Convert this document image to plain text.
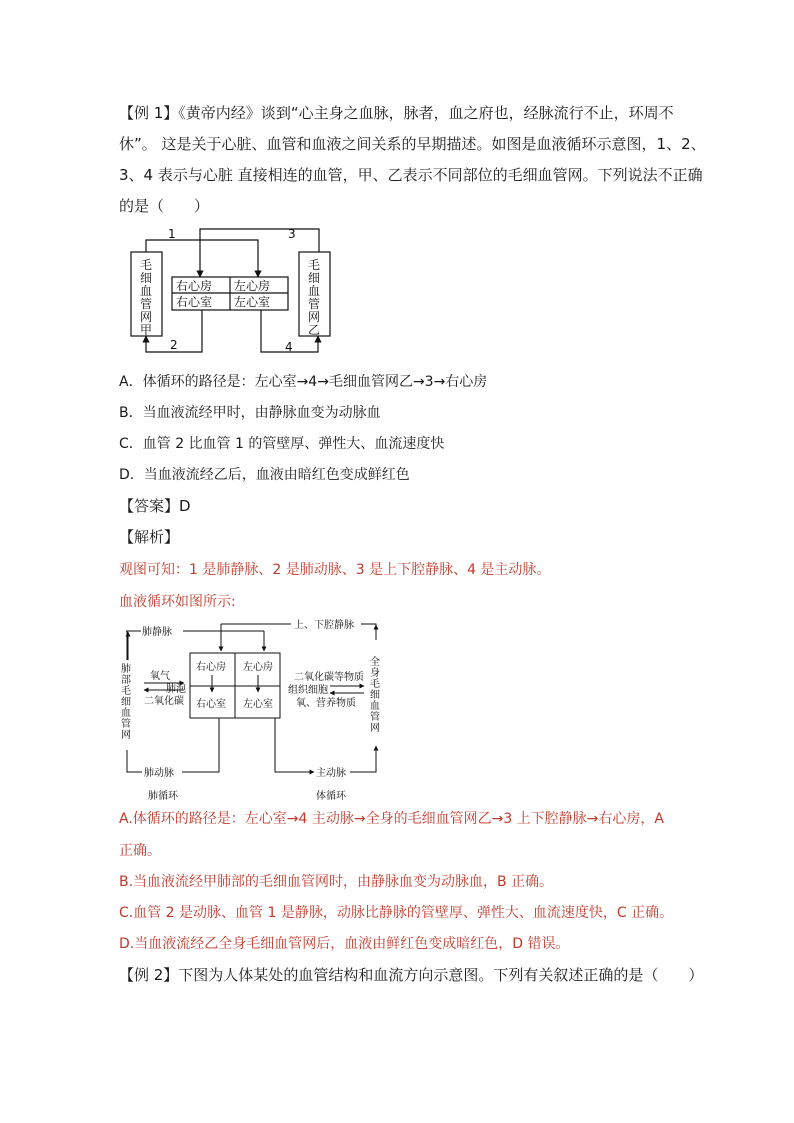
【例 1】《黄帝内经》谈到“心主身之血脉，脉者，血之府也，经脉流行不止，环周不
休”。 这是关于心脏、血管和血液之间关系的早期描述。如图是血液循环示意图，1、2、
3、4 表示与心脏 直接相连的血管，甲、乙表示不同部位的毛细血管网。下列说法不正确
的是（　　）
1	3
2	4
右心房 左心房
右心室 左心室
毛
细
血
管
网
甲
毛
细
血
管
网
乙
A．体循环的路径是：左心室→4→毛细血管网乙→3→右心房
B．当血液流经甲时，由静脉血变为动脉血
C．血管 2 比血管 1 的管壁厚、弹性大、血流速度快
D．当血液流经乙后，血液由暗红色变成鲜红色
【答案】D
【解析】
观图可知：1 是肺静脉、2 是肺动脉、3 是上下腔静脉、4 是主动脉。
血液循环如图所示:
肺静脉
上、下腔静脉
右心房 左心房
右心室 左心室
氧气
肺泡
二氧化碳
二氧化碳等物质
组织细胞
氧、营养物质
肺动脉	主动脉
肺循环	体循环
肺
部
毛
细
血
管
网
全
身
毛
细
血
管
网
A.体循环的路径是：左心室→4 主动脉→全身的毛细血管网乙→3 上下腔静脉→右心房，A
正确。
B.当血液流经甲肺部的毛细血管网时，由静脉血变为动脉血，B 正确。
C.血管 2 是动脉、血管 1 是静脉，动脉比静脉的管壁厚、弹性大、血流速度快，C 正确。
D.当血液流经乙全身毛细血管网后，血液由鲜红色变成暗红色，D 错误。
【例 2】下图为人体某处的血管结构和血流方向示意图。下列有关叙述正确的是（　　）
